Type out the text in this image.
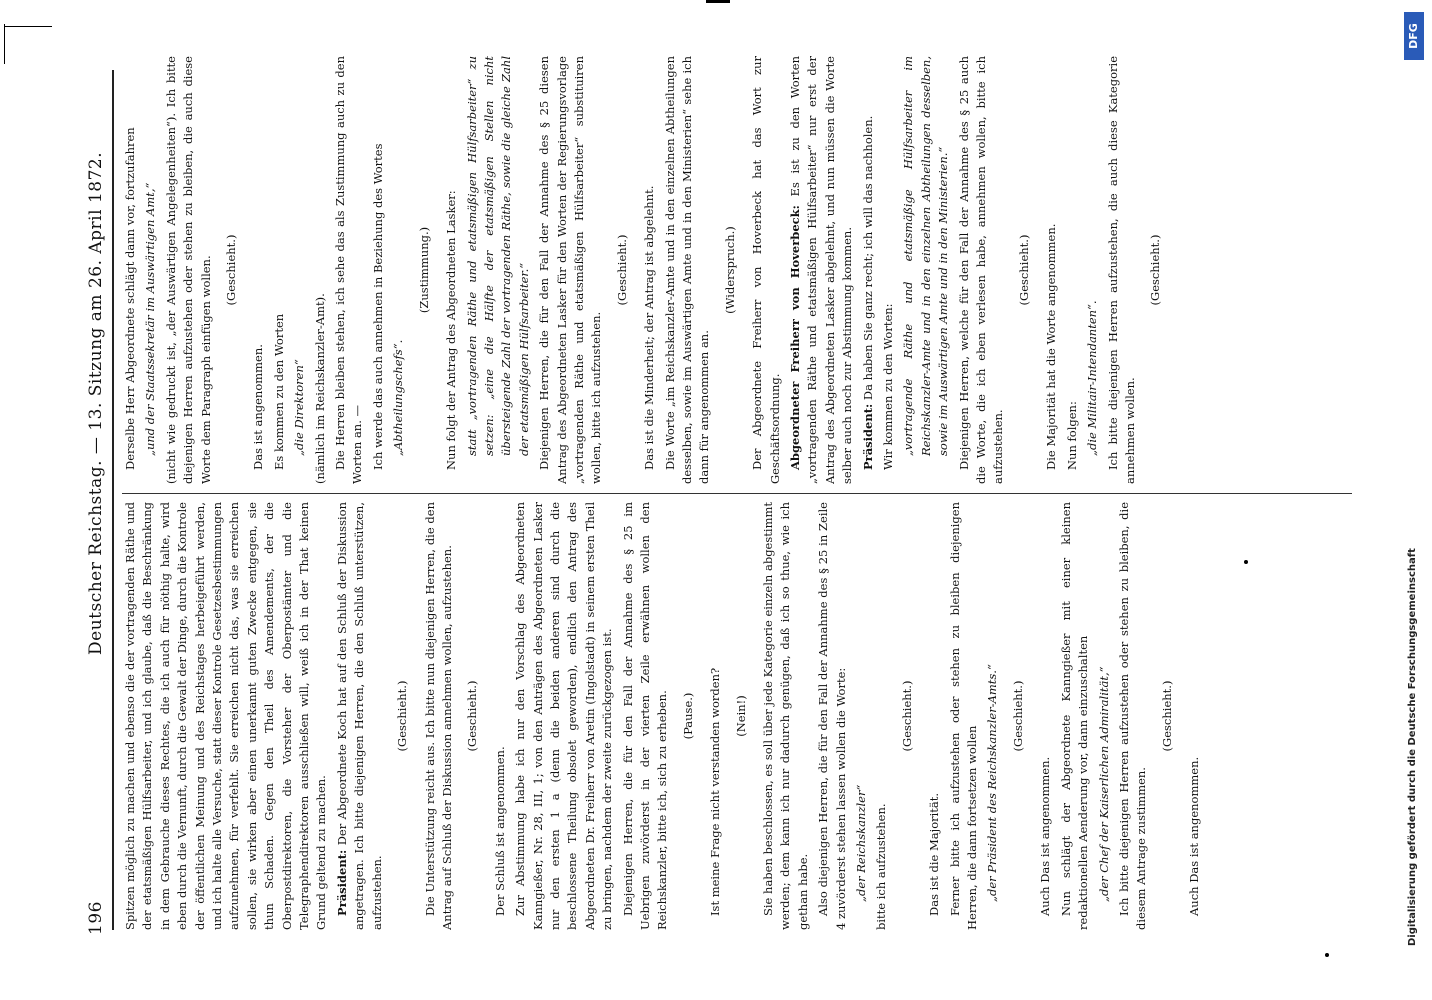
196
Deutscher Reichstag. — 13. Sitzung am 26. April 1872.

Spitzen möglich zu machen und ebenso die der vortragenden Räthe und der etatsmäßigen Hülfsarbeiter, und ich glaube, daß die Beschränkung in dem Gebrauche dieses Rechtes, die ich auch für nöthig halte, wird eben durch die Vernunft, durch die Gewalt der Dinge, durch die Kontrole der öffentlichen Meinung und des Reichstages herbeigeführt werden, und ich halte alle Versuche, statt dieser Kontrole Gesetzesbestimmungen aufzunehmen, für verfehlt. Sie erreichen nicht das, was sie erreichen sollen, sie wirken aber einen unerkannt guten Zwecke entgegen, sie thun Schaden. Gegen den Theil des Amendements, der die Oberpostdirektoren, die Vorsteher der Oberpostämter und die Telegraphendirektoren ausschließen will, weiß ich in der That keinen Grund geltend zu machen. Präsident: Der Abgeordnete Koch hat auf den Schluß der Diskussion angetragen. Ich bitte diejenigen Herren, die den Schluß unterstützen, aufzustehen.

(Geschieht.) Die Unterstützung reicht aus. Ich bitte nun diejenigen Herren, die den Antrag auf Schluß der Diskussion annehmen wollen, aufzustehen. (Geschieht.)

Der Schluß ist angenommen. Zur Abstimmung habe ich nur den Vorschlag des Abgeordneten Kanngießer, Nr. 28, III, 1; von den Anträgen des Abgeordneten Lasker nur den ersten 1 a (denn die beiden anderen sind durch die beschlossene Theilung obsolet geworden), endlich den Antrag des Abgeordneten Dr. Freiherr von Aretin (Ingolstadt) in seinem ersten Theil zu bringen, nachdem der zweite zurückgezogen ist. Diejenigen Herren, die für den Fall der Annahme des § 25 im Uebrigen zuvörderst in der vierten Zeile erwähnen wollen den Reichskanzler, bitte ich, sich zu erheben. (Pause.) Ist meine Frage nicht verstanden worden? (Nein!) Sie haben beschlossen, es soll über jede Kategorie einzeln abgestimmt werden; dem kann ich nur dadurch genügen, daß ich so thue, wie ich gethan habe. Also diejenigen Herren, die für den Fall der Annahme des § 25 in Zeile 4 zuvörderst stehen lassen wollen die Worte: „der Reichskanzler“ bitte ich aufzustehen.

(Geschieht.)

Das ist die Majorität. Ferner bitte ich aufzustehen oder stehen zu bleiben diejenigen Herren, die dann fortsetzen wollen „der Präsident des Reichskanzler-Amts.“ (Geschieht.)

Auch Das ist angenommen. Nun schlägt der Abgeordnete Kanngießer mit einer kleinen redaktionellen Aenderung vor, dann einzuschalten „der Chef der Kaiserlichen Admiralität,“ Ich bitte diejenigen Herren aufzustehen oder stehen zu bleiben, die diesem Antrage zustimmen.

(Geschieht.)

Auch Das ist angenommen.

Derselbe Herr Abgeordnete schlägt dann vor, fortzufahren „und der Staatssekretär im Auswärtigen Amt,“ (nicht wie gedruckt ist, „der Auswärtigen Angelegenheiten“). Ich bitte diejenigen Herren aufzustehen oder stehen zu bleiben, die auch diese Worte dem Paragraph einfügen wollen. (Geschieht.)

Das ist angenommen. Es kommen zu den Worten „die Direktoren“ (nämlich im Reichskanzler-Amt). Die Herren bleiben stehen, ich sehe das als Zustimmung auch zu den Worten an. — Ich werde das auch annehmen in Beziehung des Wortes „Abtheilungschefs“.

(Zustimmung.) Nun folgt der Antrag des Abgeordneten Lasker: statt „vortragenden Räthe und etatsmäßigen Hülfsarbeiter“ zu setzen: „eine die Hälfte der etatsmäßigen Stellen nicht übersteigende Zahl der vortragenden Räthe, sowie die gleiche Zahl der etatsmäßigen Hülfsarbeiter.“ Diejenigen Herren, die für den Fall der Annahme des § 25 diesen Antrag des Abgeordneten Lasker für den Worten der Regierungsvorlage „vortragenden Räthe und etatsmäßigen Hülfsarbeiter“ substituiren wollen, bitte ich aufzustehen.

(Geschieht.) Das ist die Minderheit; der Antrag ist abgelehnt. Die Worte „im Reichskanzler-Amte und in den einzelnen Abtheilungen desselben, sowie im Auswärtigen Amte und in den Ministerien“ sehe ich dann für angenommen an.

(Widerspruch.) Der Abgeordnete Freiherr von Hoverbeck hat das Wort zur Geschäftsordnung. Abgeordneter Freiherr von Hoverbeck: Es ist zu den Worten „vortragenden Räthe und etatsmäßigen Hülfsarbeiter“ nur erst der Antrag des Abgeordneten Lasker abgelehnt, und nun müssen die Worte selber auch noch zur Abstimmung kommen. Präsident: Da haben Sie ganz recht; ich will das nachholen. Wir kommen zu den Worten: „vortragende Räthe und etatsmäßige Hülfsarbeiter im Reichskanzler-Amte und in den einzelnen Abtheilungen desselben, sowie im Auswärtigen Amte und in den Ministerien.“ Diejenigen Herren, welche für den Fall der Annahme des § 25 auch die Worte, die ich eben verlesen habe, annehmen wollen, bitte ich aufzustehen.

(Geschieht.) Die Majorität hat die Worte angenommen. Nun folgen: „die Militair-Intendanten“. Ich bitte diejenigen Herren aufzustehen, die auch diese Kategorie annehmen wollen.

(Geschieht.)

Digitalisierung gefördert durch die Deutsche Forschungsgemeinschaft
DFG
